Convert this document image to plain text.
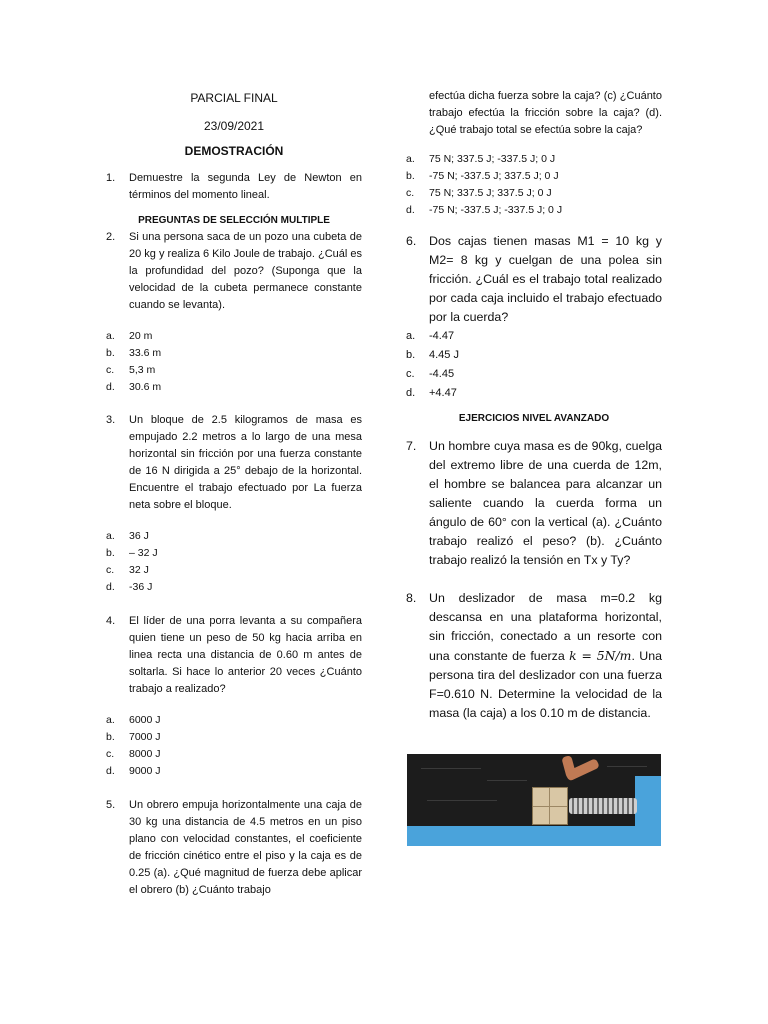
PARCIAL FINAL
23/09/2021
DEMOSTRACIÓN
1.	Demuestre la segunda Ley de Newton en términos del momento lineal.
PREGUNTAS DE SELECCIÓN MULTIPLE
2.	Si una persona saca de un pozo una cubeta de 20 kg y realiza 6 Kilo Joule de trabajo. ¿Cuál es la profundidad del pozo? (Suponga que la velocidad de la cubeta permanece constante cuando se levanta).
a.	20 m
b.	33.6 m
c.	5,3 m
d.	30.6 m
3.	Un bloque de 2.5 kilogramos de masa es empujado 2.2 metros a lo largo de una mesa horizontal sin fricción por una fuerza constante de 16 N dirigida a 25° debajo de la horizontal. Encuentre el trabajo efectuado por La fuerza neta sobre el bloque.
a.	36 J
b.	– 32 J
c.	32 J
d.	-36 J
4.	El líder de una porra levanta a su compañera quien tiene un peso de 50 kg hacia arriba en linea recta una distancia de 0.60 m antes de soltarla. Si hace lo anterior 20 veces ¿Cuánto trabajo a realizado?
a.	6000 J
b.	7000 J
c.	8000 J
d.	9000 J
5.	Un obrero empuja horizontalmente una caja de 30 kg una distancia de 4.5 metros en un piso plano con velocidad constantes, el coeficiente de fricción cinético entre el piso y la caja es de 0.25 (a). ¿Qué magnitud de fuerza debe aplicar el obrero (b) ¿Cuánto trabajo
efectúa dicha fuerza sobre la caja? (c) ¿Cuánto trabajo efectúa la fricción sobre la caja? (d). ¿Qué trabajo total se efectúa sobre la caja?
a.	75 N; 337.5 J; -337.5 J; 0 J
b.	-75 N; -337.5 J; 337.5 J; 0 J
c.	75 N; 337.5 J; 337.5 J; 0 J
d.	-75 N; -337.5 J; -337.5 J; 0 J
6.	Dos cajas tienen masas M1 = 10 kg y M2= 8 kg y cuelgan de una polea sin fricción. ¿Cuál es el trabajo total realizado por cada caja incluido el trabajo efectuado por la cuerda?
a.	-4.47
b.	4.45 J
c.	-4.45
d.	+4.47
EJERCICIOS NIVEL AVANZADO
7.	Un hombre cuya masa es de 90kg, cuelga del extremo libre de una cuerda de 12m, el hombre se balancea para alcanzar un saliente cuando la cuerda forma un ángulo de 60° con la vertical (a). ¿Cuánto trabajo realizó el peso? (b). ¿Cuánto trabajo realizó la tensión en Tx y Ty?
8.	Un deslizador de masa m=0.2 kg descansa en una plataforma horizontal, sin fricción, conectado a un resorte con una constante de fuerza k = 5N/m. Una persona tira del deslizador con una fuerza F=0.610 N. Determine la velocidad de la masa (la caja) a los 0.10 m de distancia.
